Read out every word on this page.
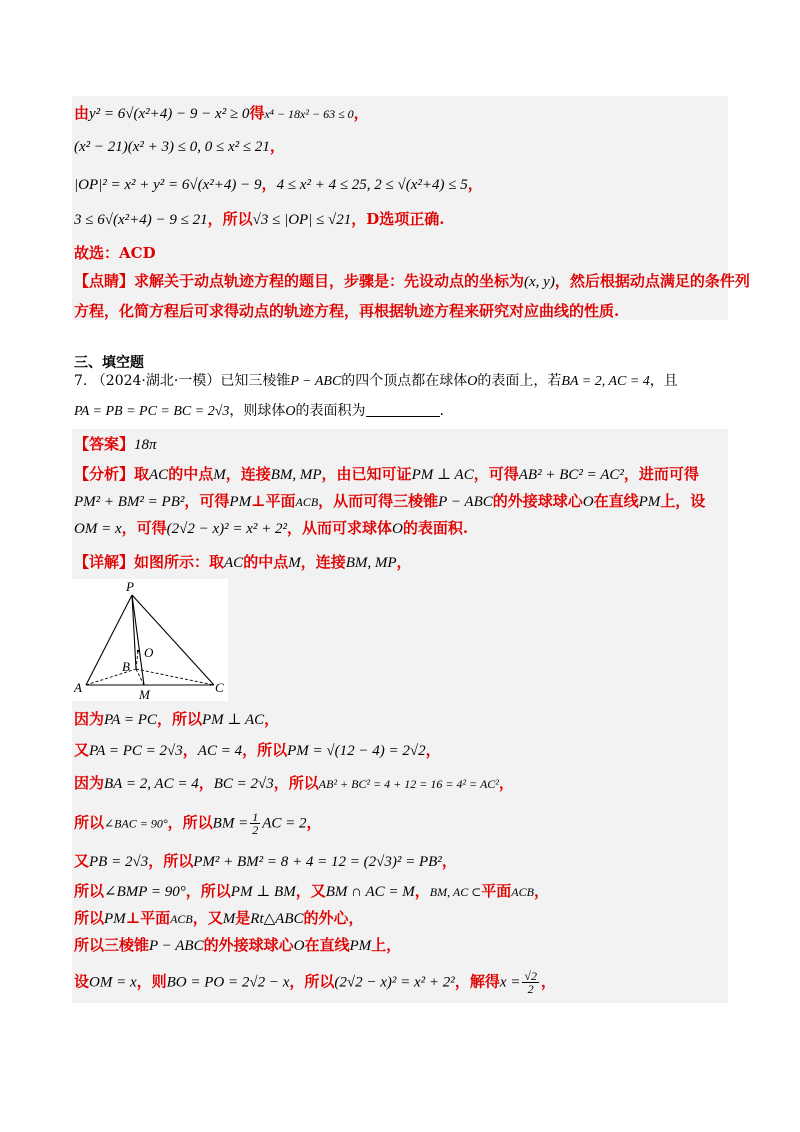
由y² = 6√(x²+4) − 9 − x² ≥ 0得x⁴ − 18x² − 63 ≤ 0，
(x² − 21)(x² + 3) ≤ 0, 0 ≤ x² ≤ 21，
|OP|² = x² + y² = 6√(x²+4) − 9，4 ≤ x² + 4 ≤ 25, 2 ≤ √(x²+4) ≤ 5，
3 ≤ 6√(x²+4) − 9 ≤ 21，所以√3 ≤ |OP| ≤ √21，D选项正确.
故选：ACD
【点睛】求解关于动点轨迹方程的题目，步骤是：先设动点的坐标为(x, y)，然后根据动点满足的条件列
方程，化简方程后可求得动点的轨迹方程，再根据轨迹方程来研究对应曲线的性质.
三、填空题
7. （2024·湖北·一模）已知三棱锥P − ABC的四个顶点都在球体O的表面上，若BA = 2, AC = 4，且
PA = PB = PC = BC = 2√3，则球体O的表面积为	.
【答案】18π
【分析】取AC的中点M，连接BM, MP，由已知可证PM ⊥ AC，可得AB² + BC² = AC²，进而可得
PM² + BM² = PB²，可得PM⊥平面ACB，从而可得三棱锥P − ABC的外接球球心O在直线PM上，设
OM = x，可得(2√2 − x)² = x² + 2²，从而可求球体O的表面积.
【详解】如图所示：取AC的中点M，连接BM, MP，
P
O
B
A	C
M
因为PA = PC，所以PM ⊥ AC，
又PA = PC = 2√3，AC = 4，所以PM = √(12 − 4) = 2√2，
因为BA = 2, AC = 4，BC = 2√3，所以AB² + BC² = 4 + 12 = 16 = 4² = AC²，
所以∠BAC = 90°，所以BM = $\frac{1}{2}$ AC = 2，
又PB = 2√3，所以PM² + BM² = 8 + 4 = 12 = (2√3)² = PB²，
所以∠BMP = 90°，所以PM ⊥ BM，又BM ∩ AC = M，BM, AC ⊂平面ACB，
所以PM⊥平面ACB，又M是Rt△ABC的外心，
所以三棱锥P − ABC的外接球球心O在直线PM上，
设OM = x，则BO = PO = 2√2 − x，所以(2√2 − x)² = x² + 2²，解得$x = \frac{√2}{2}$ ，
